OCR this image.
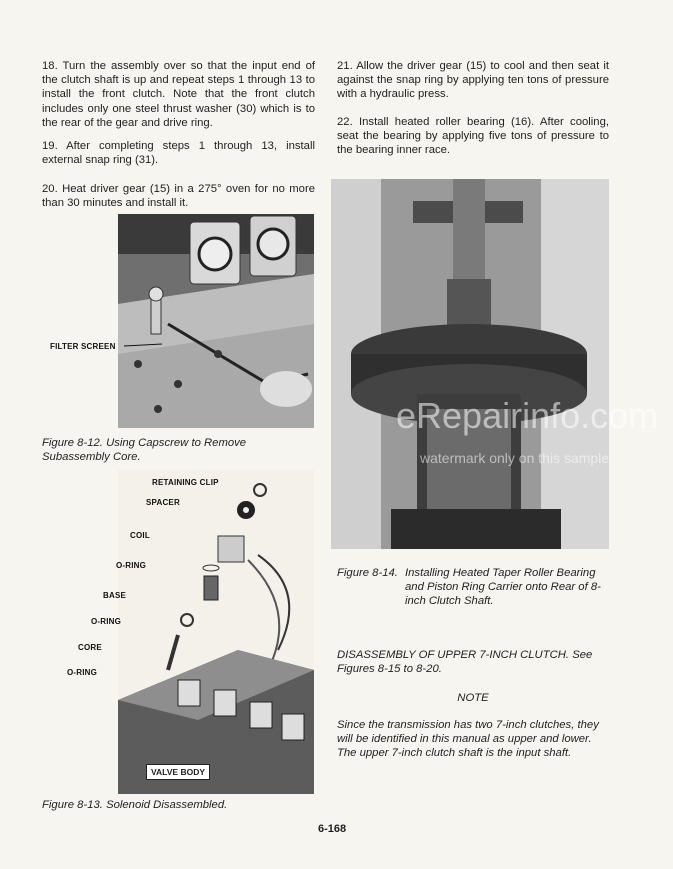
18. Turn the assembly over so that the input end of the clutch shaft is up and repeat steps 1 through 13 to install the front clutch. Note that the front clutch includes only one steel thrust washer (30) which is to the rear of the gear and drive ring.

19. After completing steps 1 through 13, install external snap ring (31).

20. Heat driver gear (15) in a 275° oven for no more than 30 minutes and install it.

21. Allow the driver gear (15) to cool and then seat it against the snap ring by applying ten tons of pressure with a hydraulic press.

22. Install heated roller bearing (16). After cooling, seat the bearing by applying five tons of pressure to the bearing inner race.

FILTER SCREEN

Figure 8-12. Using Capscrew to Remove Subassembly Core.

RETAINING CLIP
SPACER
COIL
O-RING
BASE
O-RING
CORE
O-RING
VALVE BODY

Figure 8-13. Solenoid Disassembled.

eRepairinfo.com
watermark only on this sample
Figure 8-14. Installing Heated Taper Roller Bearing and Piston Ring Carrier onto Rear of 8-inch Clutch Shaft.

DISASSEMBLY OF UPPER 7-INCH CLUTCH. See Figures 8-15 to 8-20.

NOTE

Since the transmission has two 7-inch clutches, they will be identified in this manual as upper and lower. The upper 7-inch clutch shaft is the input shaft.

6-168
